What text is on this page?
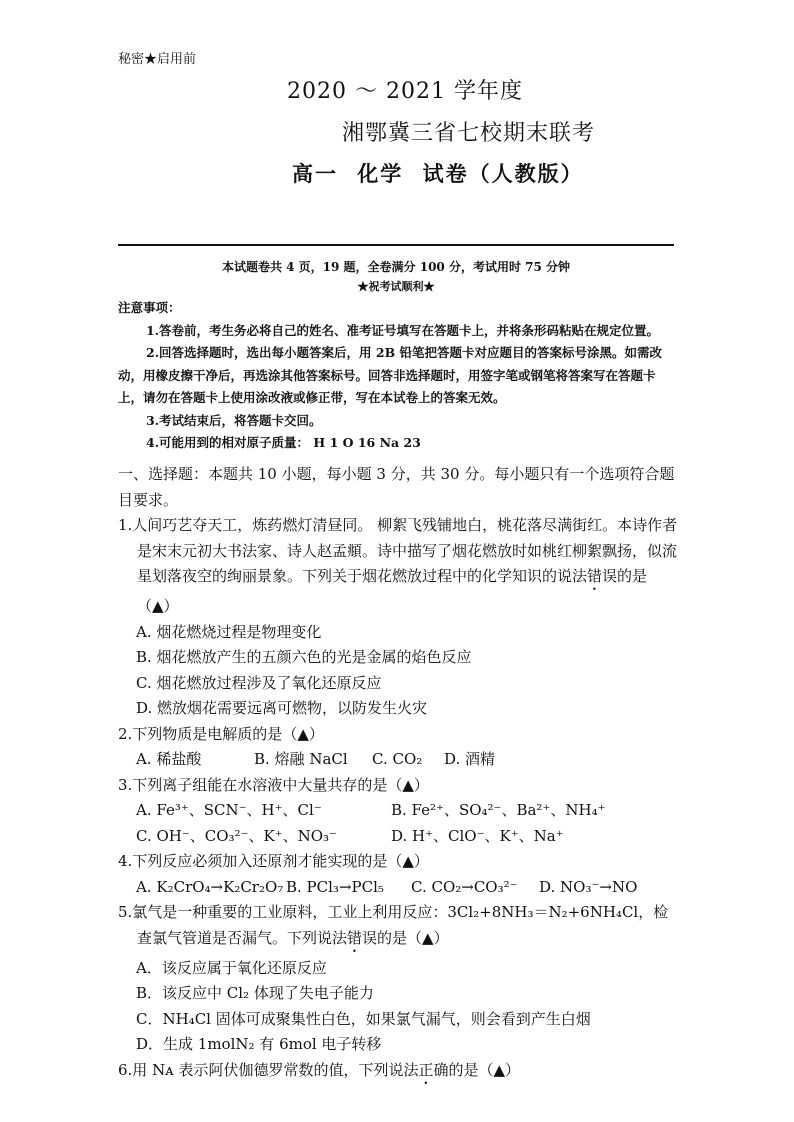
秘密★启用前
2020 ～ 2021 学年度
湘鄂冀三省七校期末联考
高一 化学 试卷（人教版）
本试题卷共 4 页，19 题，全卷满分 100 分，考试用时 75 分钟
★祝考试顺利★

注意事项：

1.答卷前，考生务必将自己的姓名、准考证号填写在答题卡上，并将条形码粘贴在规定位置。

2.回答选择题时，选出每小题答案后，用 2B 铅笔把答题卡对应题目的答案标号涂黑。如需改动，用橡皮擦干净后，再选涂其他答案标号。回答非选择题时，用签字笔或钢笔将答案写在答题卡上，请勿在答题卡上使用涂改液或修正带，写在本试卷上的答案无效。

3.考试结束后，将答题卡交回。

4.可能用到的相对原子质量： H 1 O 16 Na 23

一、选择题：本题共 10 小题，每小题 3 分，共 30 分。每小题只有一个选项符合题目要求。

1.人间巧艺夺天工，炼药燃灯清昼同。 柳絮飞残铺地白，桃花落尽满街红。本诗作者是宋末元初大书法家、诗人赵孟頫。诗中描写了烟花燃放时如桃红柳絮飘扬，似流星划落夜空的绚丽景象。下列关于烟花燃放过程中的化学知识的说法错误的是（▲）

A. 烟花燃烧过程是物理变化

B. 烟花燃放产生的五颜六色的光是金属的焰色反应

C. 烟花燃放过程涉及了氧化还原反应

D. 燃放烟花需要远离可燃物，以防发生火灾

2.下列物质是电解质的是（▲）

A. 稀盐酸	B. 熔融 NaCl	C. CO₂	D. 酒精

3.下列离子组能在水溶液中大量共存的是（▲）

A. Fe³⁺、SCN⁻、H⁺、Cl⁻	B. Fe²⁺、SO₄²⁻、Ba²⁺、NH₄⁺
C. OH⁻、CO₃²⁻、K⁺、NO₃⁻	D. H⁺、ClO⁻、K⁺、Na⁺

4.下列反应必须加入还原剂才能实现的是（▲）

A. K₂CrO₄→K₂Cr₂O₇ B. PCl₃→PCl₅	C. CO₂→CO₃²⁻	D. NO₃⁻→NO

5.氯气是一种重要的工业原料，工业上利用反应：3Cl₂+8NH₃＝N₂+6NH₄Cl，检查氯气管道是否漏气。下列说法错误的是（▲）

A．该反应属于氧化还原反应

B．该反应中 Cl₂ 体现了失电子能力

C．NH₄Cl 固体可成聚集性白色，如果氯气漏气，则会看到产生白烟

D．生成 1molN₂ 有 6mol 电子转移

6.用 Nᴀ 表示阿伏伽德罗常数的值，下列说法正确的是（▲）
